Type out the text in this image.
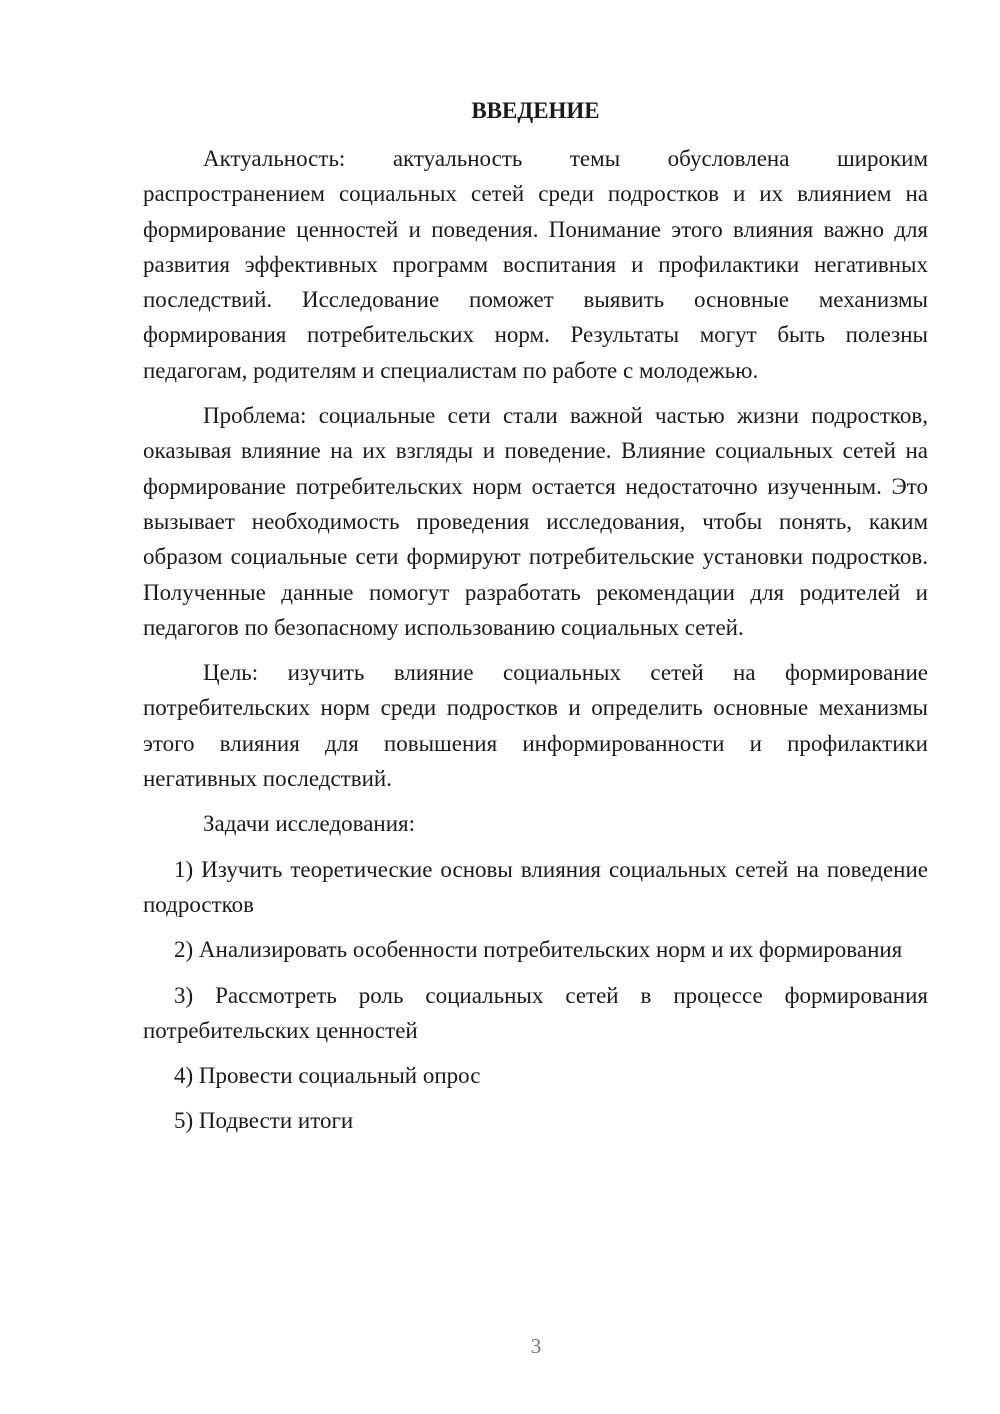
ВВЕДЕНИЕ

Актуальность: актуальность темы обусловлена широким распространением социальных сетей среди подростков и их влиянием на формирование ценностей и поведения. Понимание этого влияния важно для развития эффективных программ воспитания и профилактики негативных последствий. Исследование поможет выявить основные механизмы формирования потребительских норм. Результаты могут быть полезны педагогам, родителям и специалистам по работе с молодежью.

Проблема: социальные сети стали важной частью жизни подростков, оказывая влияние на их взгляды и поведение. Влияние социальных сетей на формирование потребительских норм остается недостаточно изученным. Это вызывает необходимость проведения исследования, чтобы понять, каким образом социальные сети формируют потребительские установки подростков. Полученные данные помогут разработать рекомендации для родителей и педагогов по безопасному использованию социальных сетей.

Цель: изучить влияние социальных сетей на формирование потребительских норм среди подростков и определить основные механизмы этого влияния для повышения информированности и профилактики негативных последствий.

Задачи исследования:

1) Изучить теоретические основы влияния социальных сетей на поведение подростков

2) Анализировать особенности потребительских норм и их формирования

3) Рассмотреть роль социальных сетей в процессе формирования потребительских ценностей

4) Провести социальный опрос

5) Подвести итоги

3
